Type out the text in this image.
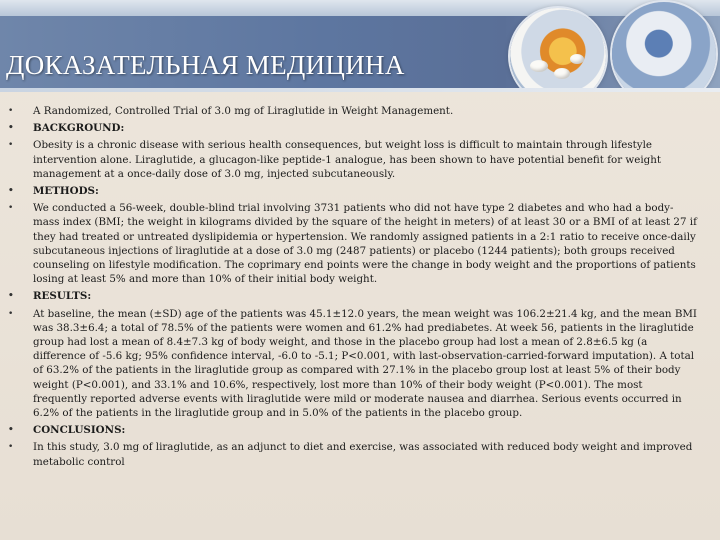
ДОКАЗАТЕЛЬНАЯ МЕДИЦИНА
• A Randomized, Controlled Trial of 3.0 mg of Liraglutide in Weight Management.
• BACKGROUND:
• Obesity is a chronic disease with serious health consequences, but weight loss is difficult to maintain through lifestyle intervention alone. Liraglutide, a glucagon-like peptide-1 analogue, has been shown to have potential benefit for weight management at a once-daily dose of 3.0 mg, injected subcutaneously.
• METHODS:
• We conducted a 56-week, double-blind trial involving 3731 patients who did not have type 2 diabetes and who had a body-mass index (BMI; the weight in kilograms divided by the square of the height in meters) of at least 30 or a BMI of at least 27 if they had treated or untreated dyslipidemia or hypertension. We randomly assigned patients in a 2:1 ratio to receive once-daily subcutaneous injections of liraglutide at a dose of 3.0 mg (2487 patients) or placebo (1244 patients); both groups received counseling on lifestyle modification. The coprimary end points were the change in body weight and the proportions of patients losing at least 5% and more than 10% of their initial body weight.
• RESULTS:
• At baseline, the mean (±SD) age of the patients was 45.1±12.0 years, the mean weight was 106.2±21.4 kg, and the mean BMI was 38.3±6.4; a total of 78.5% of the patients were women and 61.2% had prediabetes. At week 56, patients in the liraglutide group had lost a mean of 8.4±7.3 kg of body weight, and those in the placebo group had lost a mean of 2.8±6.5 kg (a difference of -5.6 kg; 95% confidence interval, -6.0 to -5.1; P<0.001, with last-observation-carried-forward imputation). A total of 63.2% of the patients in the liraglutide group as compared with 27.1% in the placebo group lost at least 5% of their body weight (P<0.001), and 33.1% and 10.6%, respectively, lost more than 10% of their body weight (P<0.001). The most frequently reported adverse events with liraglutide were mild or moderate nausea and diarrhea. Serious events occurred in 6.2% of the patients in the liraglutide group and in 5.0% of the patients in the placebo group.
• CONCLUSIONS:
• In this study, 3.0 mg of liraglutide, as an adjunct to diet and exercise, was associated with reduced body weight and improved metabolic control
